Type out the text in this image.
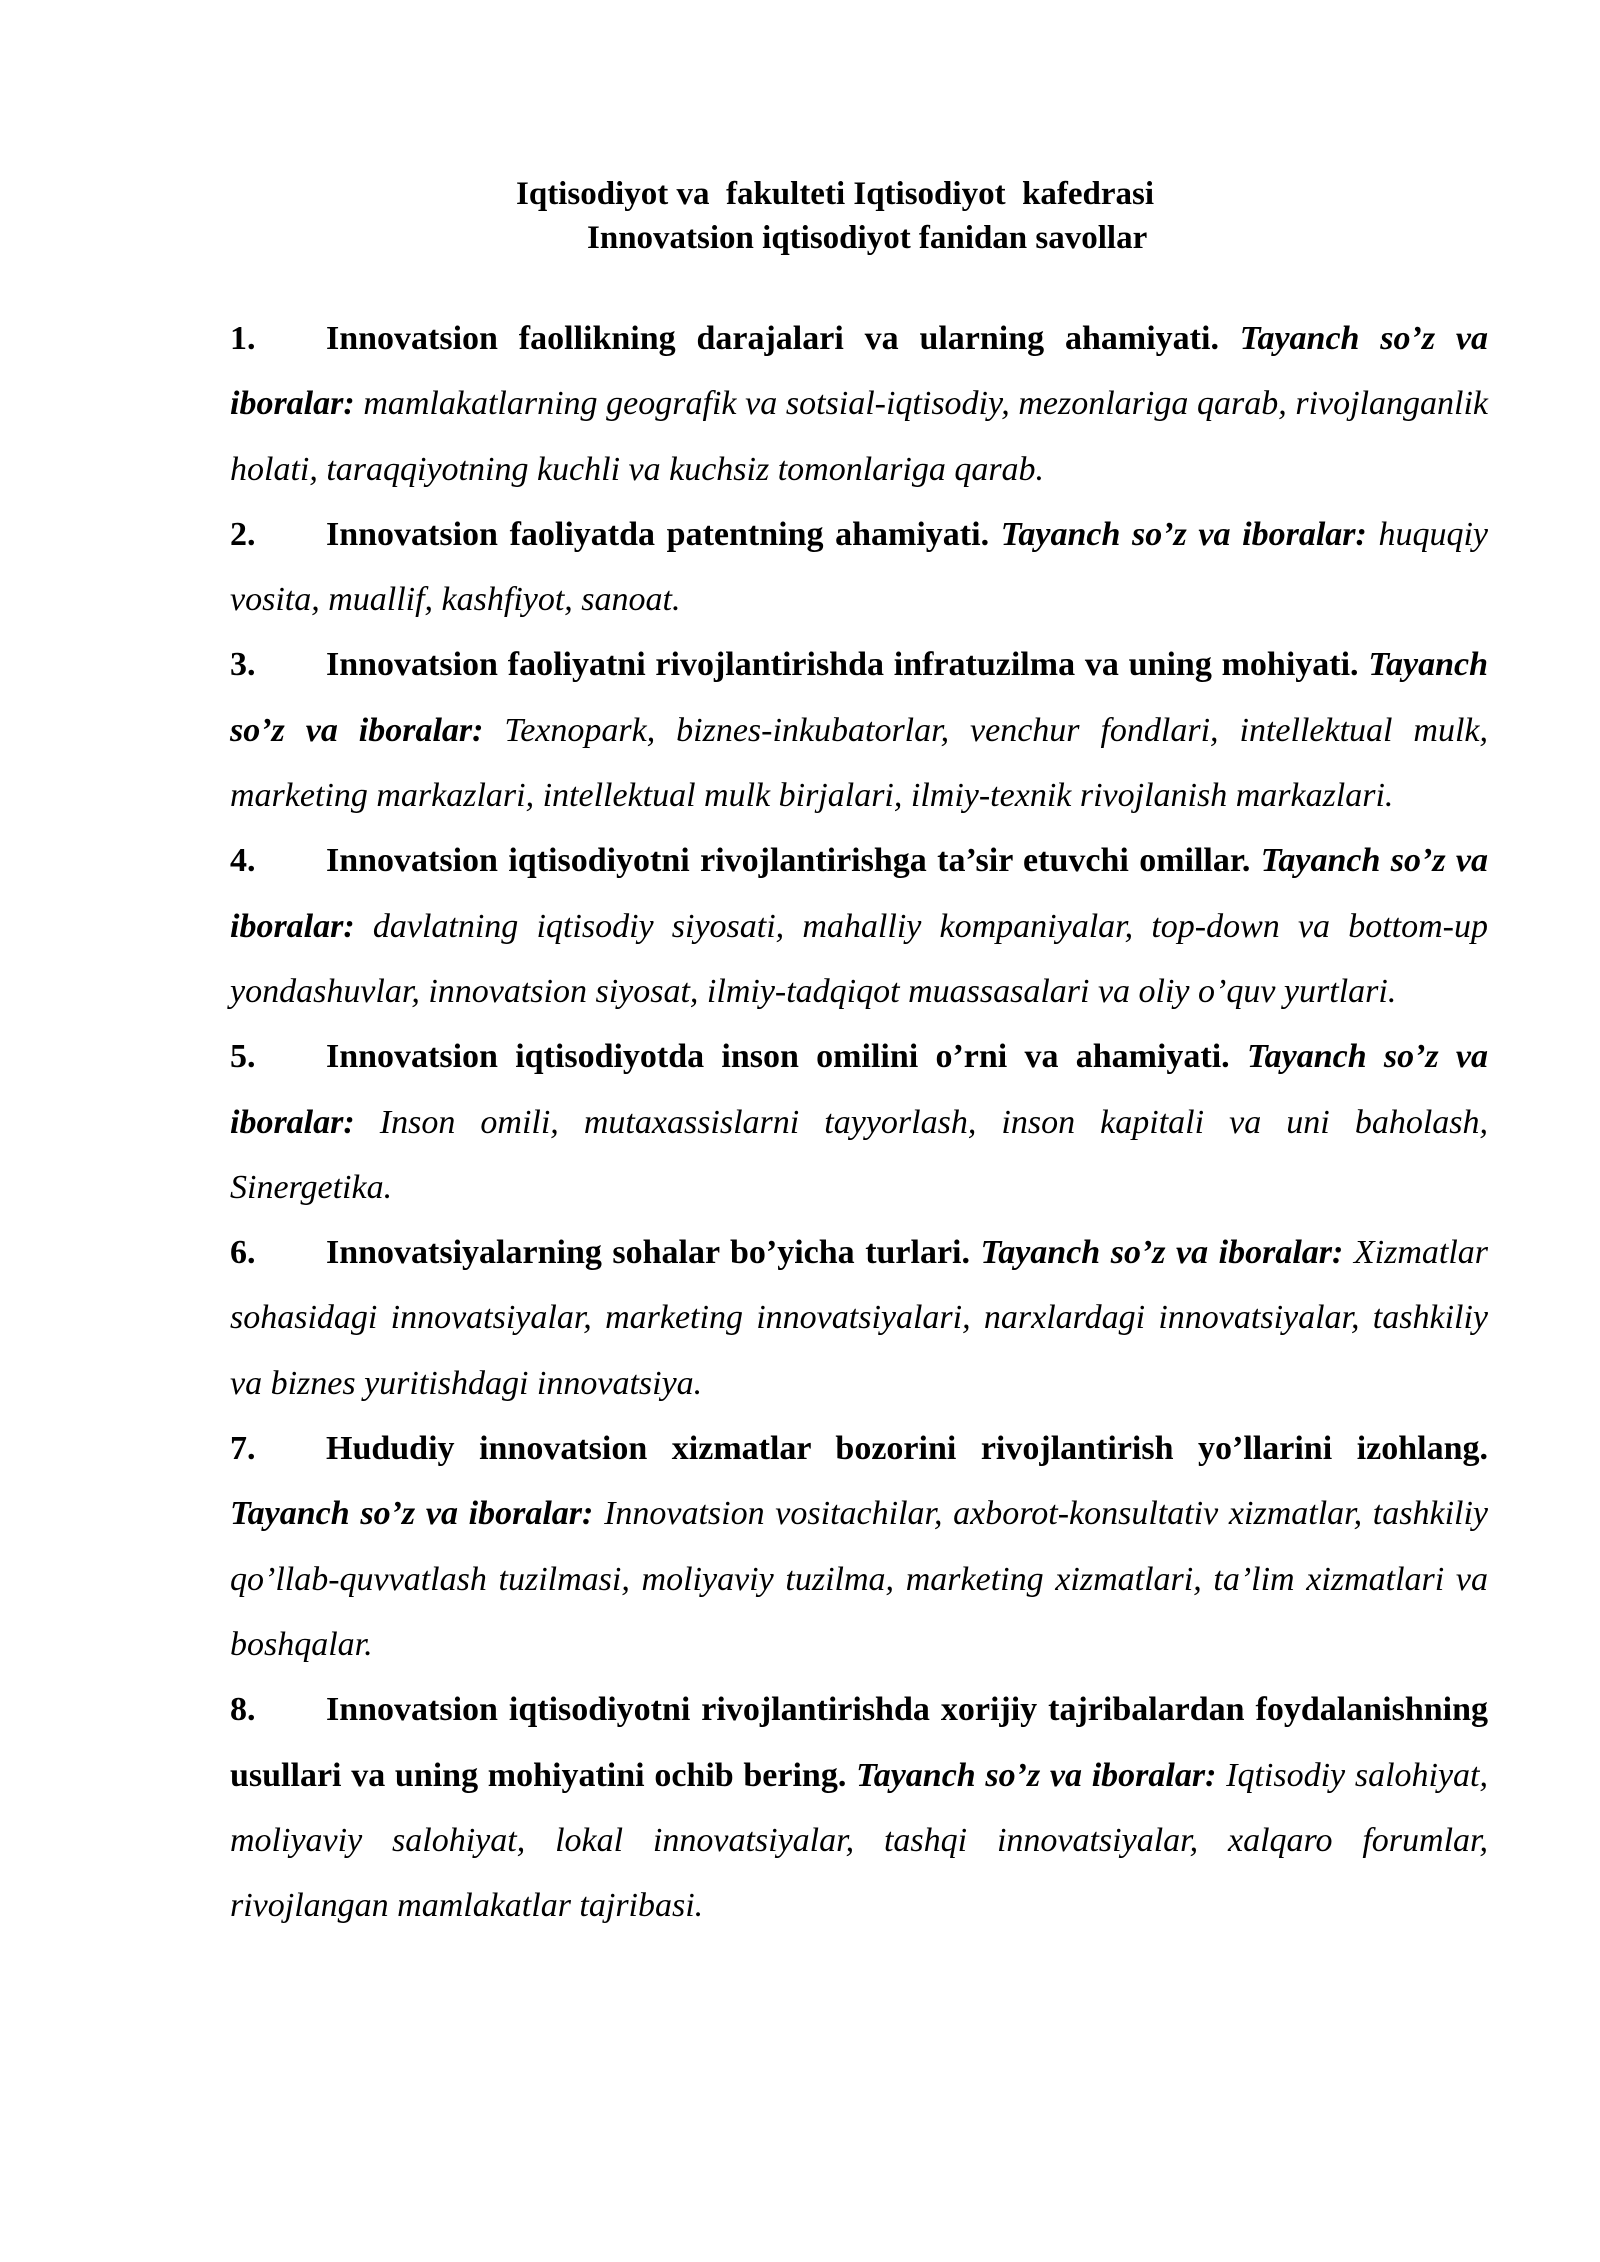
Iqtisodiyot va  fakulteti Iqtisodiyot  kafedrasi
Innovatsion iqtisodiyot fanidan savollar

1. Innovatsion faollikning darajalari va ularning ahamiyati. Tayanch so’z va iboralar: mamlakatlarning geografik va sotsial-iqtisodiy, mezonlariga qarab, rivojlanganlik holati, taraqqiyotning kuchli va kuchsiz tomonlariga qarab.

2. Innovatsion faoliyatda patentning ahamiyati. Tayanch so’z va iboralar: huquqiy vosita, muallif, kashfiyot, sanoat.

3. Innovatsion faoliyatni rivojlantirishda infratuzilma va uning mohiyati. Tayanch so’z va iboralar: Texnopark, biznes-inkubatorlar, venchur fondlari, intellektual mulk, marketing markazlari, intellektual mulk birjalari, ilmiy-texnik rivojlanish markazlari.

4. Innovatsion iqtisodiyotni rivojlantirishga ta’sir etuvchi omillar. Tayanch so’z va iboralar: davlatning iqtisodiy siyosati, mahalliy kompaniyalar, top-down va bottom-up yondashuvlar, innovatsion siyosat, ilmiy-tadqiqot muassasalari va oliy o’quv yurtlari.

5. Innovatsion iqtisodiyotda inson omilini o’rni va ahamiyati. Tayanch so’z va iboralar: Inson omili, mutaxassislarni tayyorlash, inson kapitali va uni baholash, Sinergetika.

6. Innovatsiyalarning sohalar bo’yicha turlari. Tayanch so’z va iboralar: Xizmatlar sohasidagi innovatsiyalar, marketing innovatsiyalari, narxlardagi innovatsiyalar, tashkiliy va biznes yuritishdagi innovatsiya.

7. Hududiy innovatsion xizmatlar bozorini rivojlantirish yo’llarini izohlang. Tayanch so’z va iboralar: Innovatsion vositachilar, axborot-konsultativ xizmatlar, tashkiliy qo’llab-quvvatlash tuzilmasi, moliyaviy tuzilma, marketing xizmatlari, ta’lim xizmatlari va boshqalar.

8. Innovatsion iqtisodiyotni rivojlantirishda xorijiy tajribalardan foydalanishning usullari va uning mohiyatini ochib bering. Tayanch so’z va iboralar: Iqtisodiy salohiyat, moliyaviy salohiyat, lokal innovatsiyalar, tashqi innovatsiyalar, xalqaro forumlar, rivojlangan mamlakatlar tajribasi.
